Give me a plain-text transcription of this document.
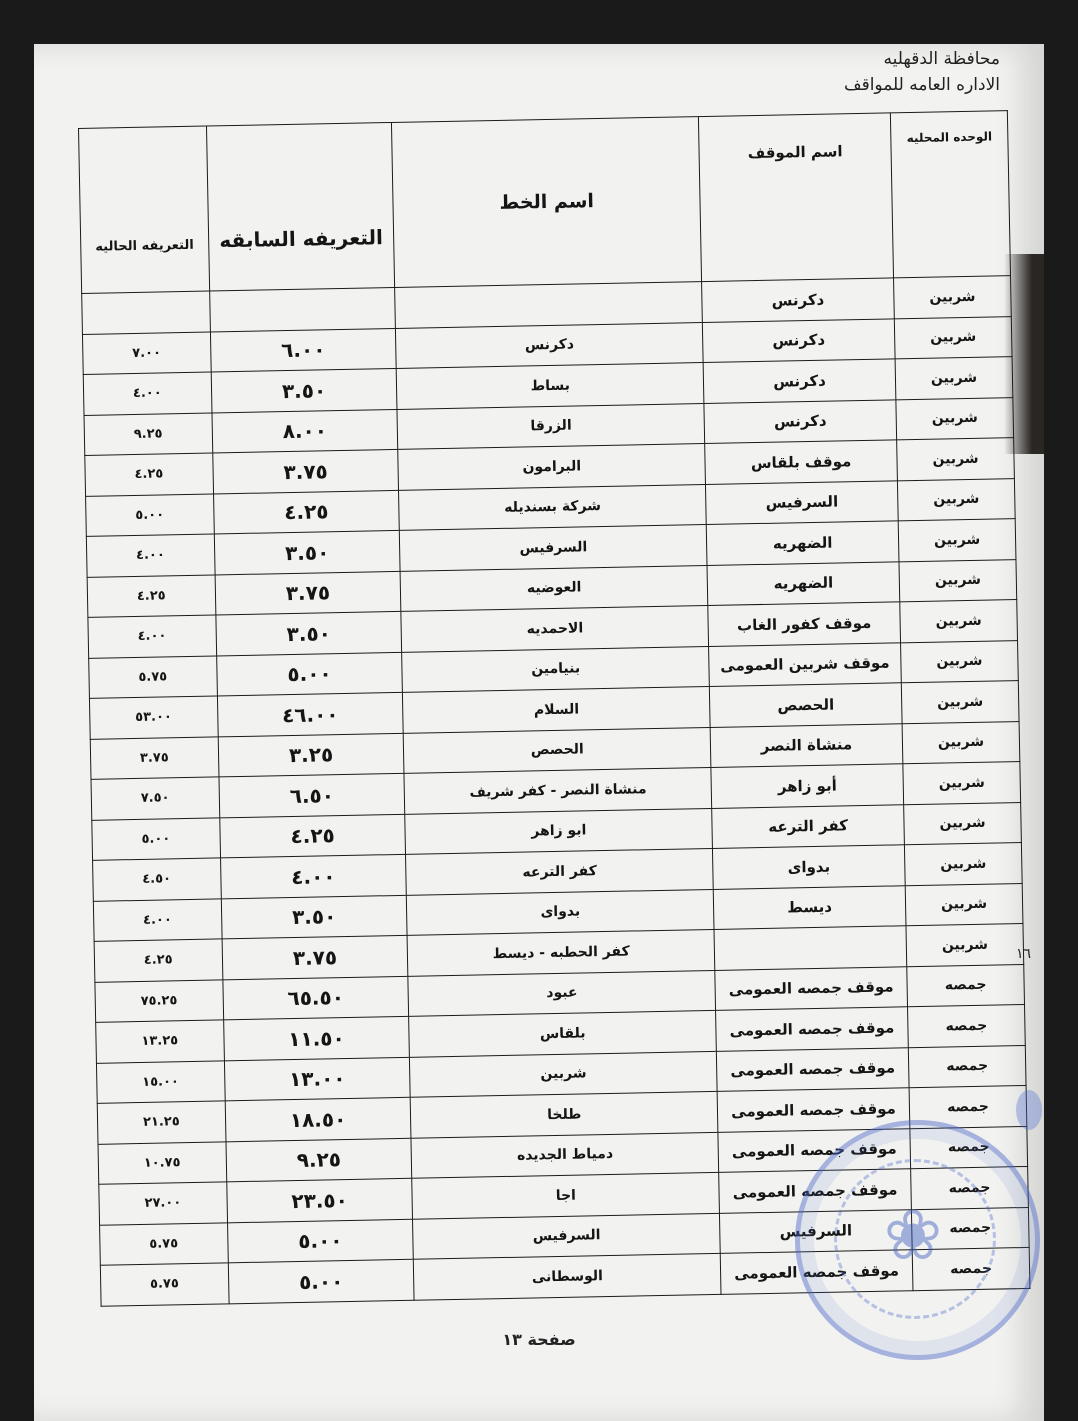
محافظة الدقهليه
الاداره العامه للمواقف
الوحده المحليه	اسم الموقف	اسم الخط	التعريفه السابقه	التعريفه الحاليه
شربين	دكرنس			
شربين	دكرنس	دكرنس	٦.٠٠	٧.٠٠
شربين	دكرنس	بساط	٣.٥٠	٤.٠٠
شربين	دكرنس	الزرقا	٨.٠٠	٩.٢٥
شربين	موقف بلقاس	البرامون	٣.٧٥	٤.٢٥
شربين	السرفيس	شركة بسنديله	٤.٢٥	٥.٠٠
شربين	الضهريه	السرفيس	٣.٥٠	٤.٠٠
شربين	الضهريه	العوضيه	٣.٧٥	٤.٢٥
شربين	موقف كفور الغاب	الاحمديه	٣.٥٠	٤.٠٠
شربين	موقف شربين العمومى	بنيامين	٥.٠٠	٥.٧٥
شربين	الحصص	السلام	٤٦.٠٠	٥٣.٠٠
شربين	منشاة النصر	الحصص	٣.٢٥	٣.٧٥
شربين	أبو زاهر	منشاة النصر - كفر شريف	٦.٥٠	٧.٥٠
شربين	كفر الترعه	ابو زاهر	٤.٢٥	٥.٠٠
شربين	بدواى	كفر الترعه	٤.٠٠	٤.٥٠
شربين	ديسط	بدواى	٣.٥٠	٤.٠٠
شربين		كفر الحطبه - ديسط	٣.٧٥	٤.٢٥
جمصه	موقف جمصه العمومى	عبود	٦٥.٥٠	٧٥.٢٥
جمصه	موقف جمصه العمومى	بلقاس	١١.٥٠	١٣.٢٥
جمصه	موقف جمصه العمومى	شربين	١٣.٠٠	١٥.٠٠
جمصه	موقف جمصه العمومى	طلخا	١٨.٥٠	٢١.٢٥
جمصه	موقف جمصه العمومى	دمياط الجديده	٩.٢٥	١٠.٧٥
جمصه	موقف جمصه العمومى	اجا	٢٣.٥٠	٢٧.٠٠
جمصه	السرفيس	السرفيس	٥.٠٠	٥.٧٥
جمصه	موقف جمصه العمومى	الوسطانى	٥.٠٠	٥.٧٥
١٦
❀
صفحة ١٣
